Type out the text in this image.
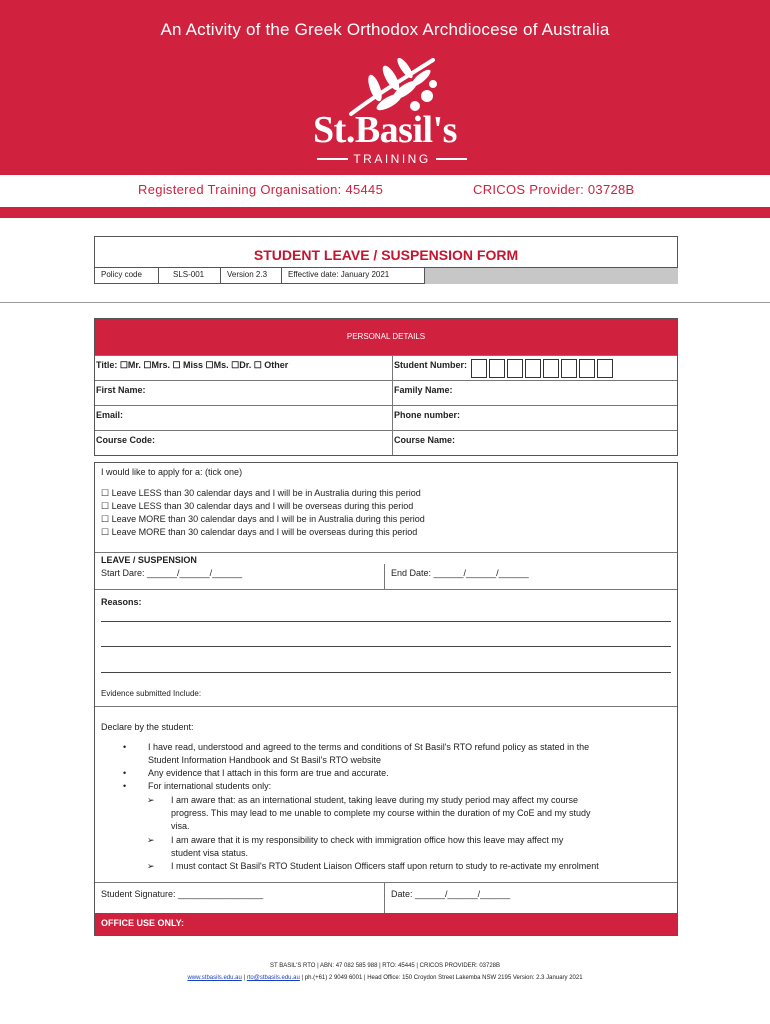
An Activity of the Greek Orthodox Archdiocese of Australia
St.Basil's
TRAINING
Registered Training Organisation: 45445	CRICOS Provider: 03728B
STUDENT LEAVE / SUSPENSION FORM
Policy code	SLS-001	Version 2.3	Effective date: January 2021
PERSONAL DETAILS
Title: ☐Mr. ☐Mrs. ☐ Miss ☐Ms. ☐Dr. ☐ Other	Student Number:
First Name:	Family Name:
Email:	Phone number:
Course Code:	Course Name:
I would like to apply for a: (tick one)
☐ Leave LESS than 30 calendar days and I will be in Australia during this period
☐ Leave LESS than 30 calendar days and I will be overseas during this period
☐ Leave MORE than 30 calendar days and I will be in Australia during this period
☐ Leave MORE than 30 calendar days and I will be overseas during this period
LEAVE / SUSPENSION
Start Dare: ______/______/______	End Date: ______/______/______
Reasons:
Evidence submitted Include:
Declare by the student:
• I have read, understood and agreed to the terms and conditions of St Basil's RTO refund policy as stated in the
Student Information Handbook and St Basil's RTO website
• Any evidence that I attach in this form are true and accurate.
• For international students only:
➢ I am aware that: as an international student, taking leave during my study period may affect my course
progress. This may lead to me unable to complete my course within the duration of my CoE and my study
visa.
➢ I am aware that it is my responsibility to check with immigration office how this leave may affect my
student visa status.
➢ I must contact St Basil's RTO Student Liaison Officers staff upon return to study to re-activate my enrolment
Student Signature: _________________	Date: ______/______/______
OFFICE USE ONLY:
ST BASIL'S RTO | ABN: 47 082 585 988 | RTO: 45445 | CRICOS PROVIDER: 03728B
www.stbasils.edu.au | rto@stbasils.edu.au | ph.(+61) 2 9049 6001 | Head Office: 150 Croydon Street Lakemba NSW 2195 Version: 2.3 January 2021
